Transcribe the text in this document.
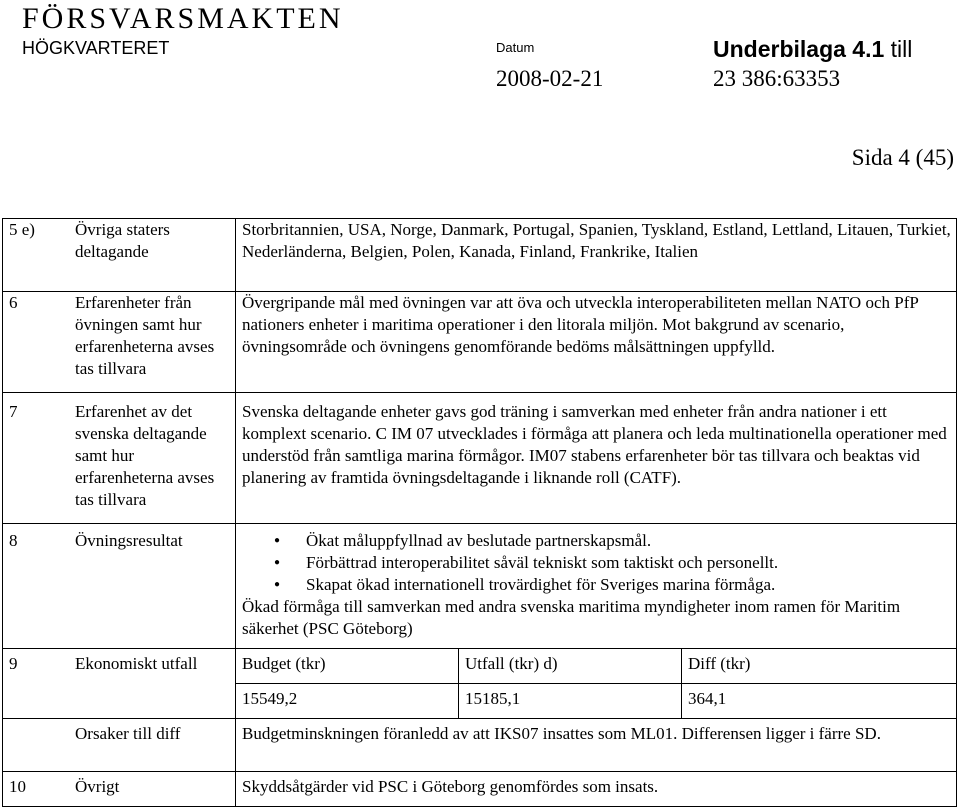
FÖRSVARSMAKTEN
HÖGKVARTERET	Datum	Underbilaga 4.1 till
2008-02-21	23 386:63353
Sida 4 (45)
5 e)	Övriga staters deltagande	Storbritannien, USA, Norge, Danmark, Portugal, Spanien, Tyskland, Estland, Lettland, Litauen, Turkiet, Nederländerna, Belgien, Polen, Kanada, Finland, Frankrike, Italien
6	Erfarenheter från övningen samt hur erfarenheterna avses tas tillvara	Övergripande mål med övningen var att öva och utveckla interoperabiliteten mellan NATO och PfP nationers enheter i maritima operationer i den litorala miljön. Mot bakgrund av scenario, övningsområde och övningens genomförande bedöms målsättningen uppfylld.
7	Erfarenhet av det svenska deltagande samt hur erfarenheterna avses tas tillvara	Svenska deltagande enheter gavs god träning i samverkan med enheter från andra nationer i ett komplext scenario. C IM 07 utvecklades i förmåga att planera och leda multinationella operationer med understöd från samtliga marina förmågor. IM07 stabens erfarenheter bör tas tillvara och beaktas vid planering av framtida övningsdeltagande i liknande roll (CATF).
8	Övningsresultat	
●Ökat måluppfyllnad av beslutade partnerskapsmål.
● Förbättrad interoperabilitet såväl tekniskt som taktiskt och personellt.
● Skapat ökad internationell trovärdighet för Sveriges marina förmåga.
Ökad förmåga till samverkan med andra svenska maritima myndigheter inom ramen för Maritim säkerhet (PSC Göteborg)

9	Ekonomiskt utfall		Budget (tkr)	Utfall (tkr) d)	Diff (tkr)
15549,2	15185,1	364,1

	Orsaker till diff	Budgetminskningen föranledd av att IKS07 insattes som ML01. Differensen ligger i färre SD.
10	Övrigt	Skyddsåtgärder vid PSC i Göteborg genomfördes som insats.
